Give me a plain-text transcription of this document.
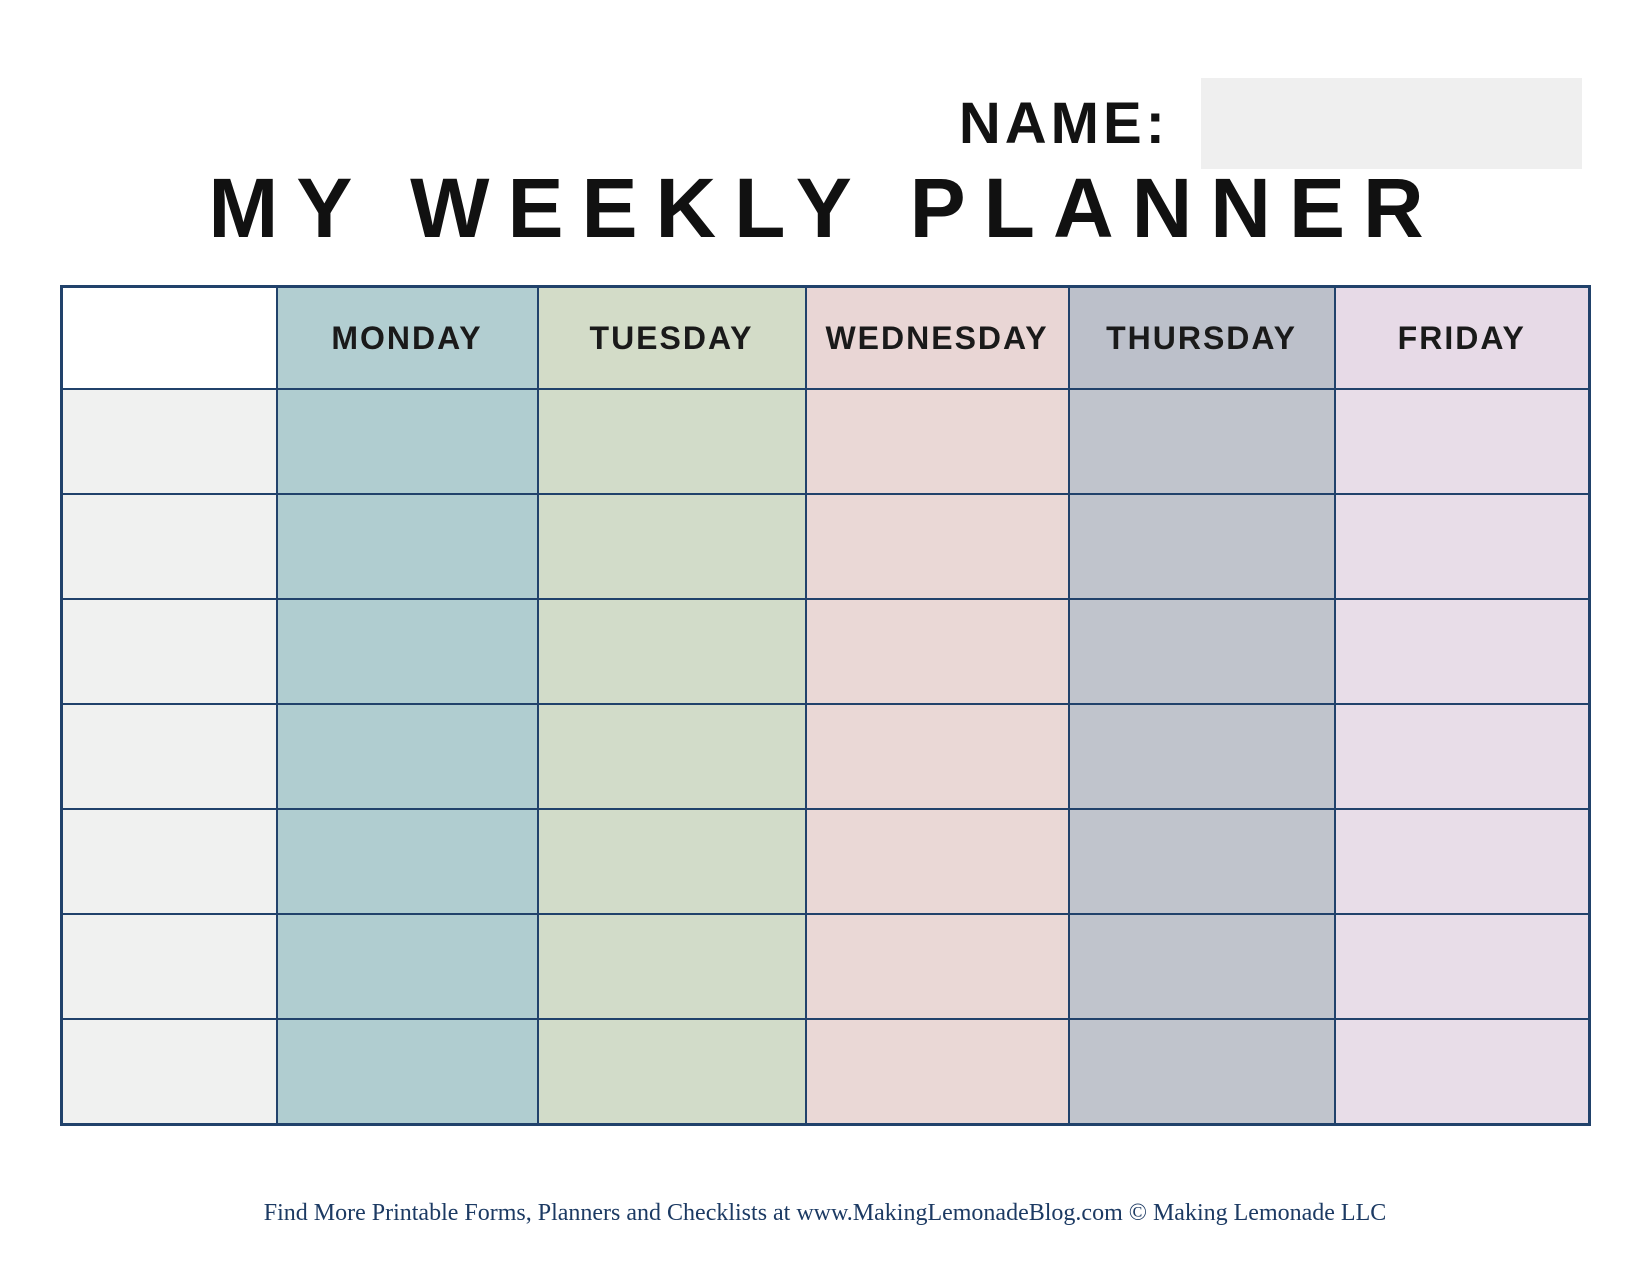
NAME:
MY WEEKLY PLANNER
	MONDAY	TUESDAY	WEDNESDAY	THURSDAY	FRIDAY

Find More Printable Forms, Planners and Checklists at www.MakingLemonadeBlog.com © Making Lemonade LLC
